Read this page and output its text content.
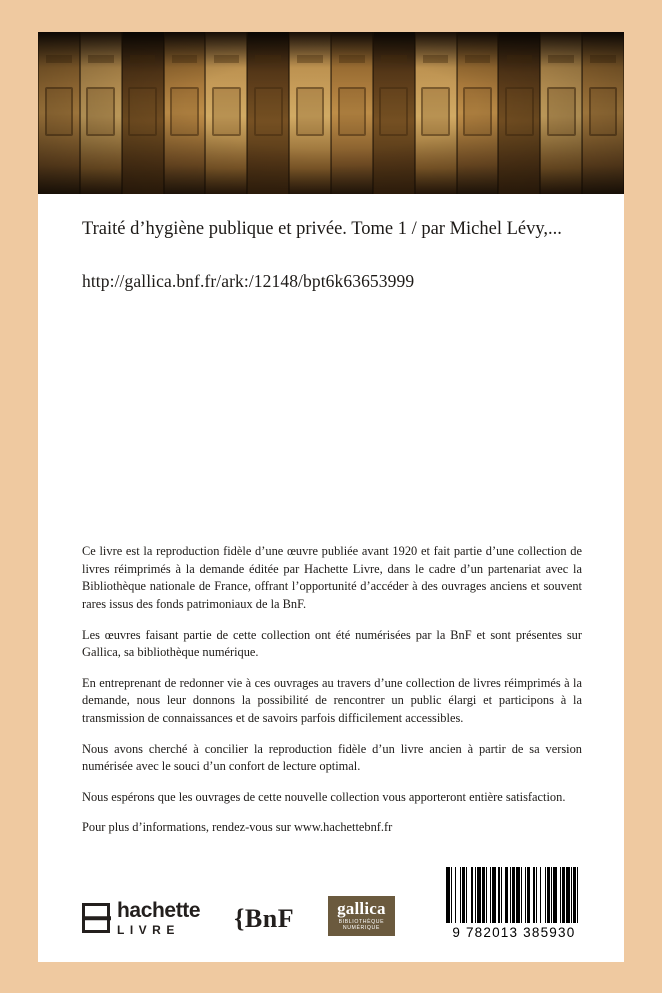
Traité d’hygiène publique et privée. Tome 1 / par Michel Lévy,...

http://gallica.bnf.fr/ark:/12148/bpt6k63653999

Ce livre est la reproduction fidèle d’une œuvre publiée avant 1920 et fait partie d’une collection de livres réimprimés à la demande éditée par Hachette Livre, dans le cadre d’un partenariat avec la Bibliothèque nationale de France, offrant l’opportunité d’accéder à des ouvrages anciens et souvent rares issus des fonds patrimoniaux de la BnF.

Les œuvres faisant partie de cette collection ont été numérisées par la BnF et sont présentes sur Gallica, sa bibliothèque numérique.

En entreprenant de redonner vie à ces ouvrages au travers d’une collection de livres réimprimés à la demande, nous leur donnons la possibilité de rencontrer un public élargi et participons à la transmission de connaissances et de savoirs parfois difficilement accessibles.

Nous avons cherché à concilier la reproduction fidèle d’un livre ancien à partir de sa version numérisée avec le souci d’un confort de lecture optimal.

Nous espérons que les ouvrages de cette nouvelle collection vous apporteront entière satisfaction.

Pour plus d’informations, rendez-vous sur www.hachettebnf.fr

hachette
LIVRE	{BnF	gallica
BIBLIOTHÈQUE
NUMÉRIQUE	9 782013 385930
